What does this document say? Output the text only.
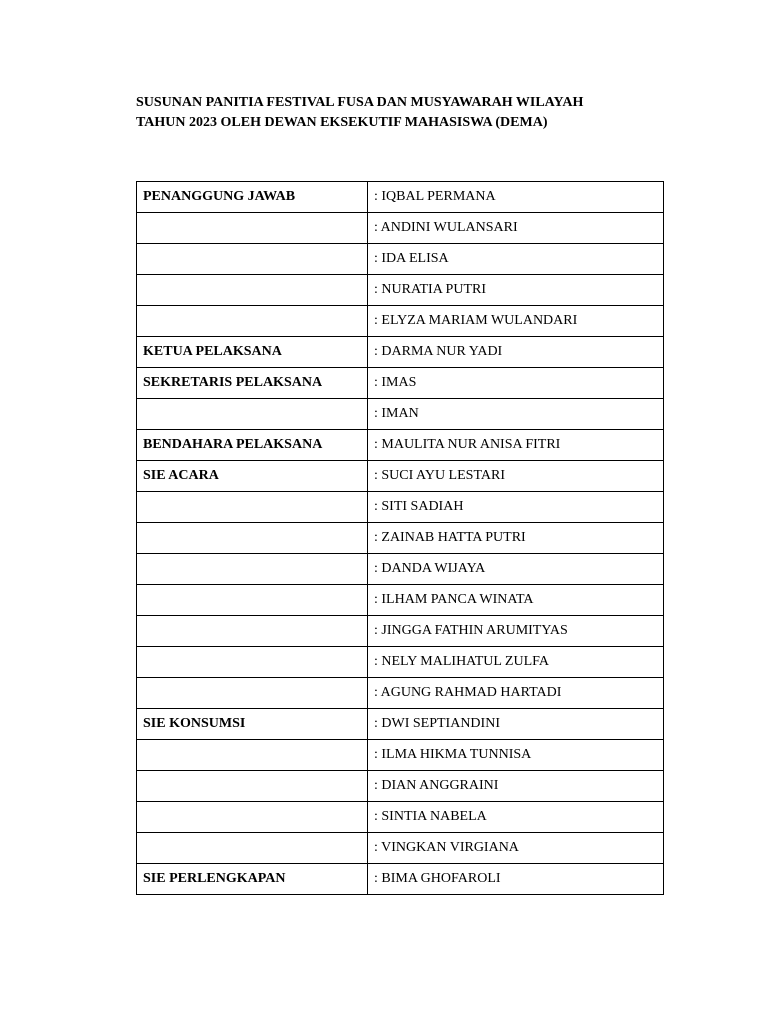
SUSUNAN PANITIA FESTIVAL FUSA DAN MUSYAWARAH WILAYAH
TAHUN 2023 OLEH DEWAN EKSEKUTIF MAHASISWA (DEMA)
PENANGGUNG JAWAB	: IQBAL PERMANA
	: ANDINI WULANSARI
	: IDA ELISA
	: NURATIA PUTRI
	: ELYZA MARIAM WULANDARI
KETUA PELAKSANA	: DARMA NUR YADI
SEKRETARIS PELAKSANA	: IMAS
	: IMAN
BENDAHARA PELAKSANA	: MAULITA NUR ANISA FITRI
SIE ACARA	: SUCI AYU LESTARI
	: SITI SADIAH
	: ZAINAB HATTA PUTRI
	: DANDA WIJAYA
	: ILHAM PANCA WINATA
	: JINGGA FATHIN ARUMITYAS
	: NELY MALIHATUL ZULFA
	: AGUNG RAHMAD HARTADI
SIE KONSUMSI	: DWI SEPTIANDINI
	: ILMA HIKMA TUNNISA
	: DIAN ANGGRAINI
	: SINTIA NABELA
	: VINGKAN VIRGIANA
SIE PERLENGKAPAN	: BIMA GHOFAROLI
